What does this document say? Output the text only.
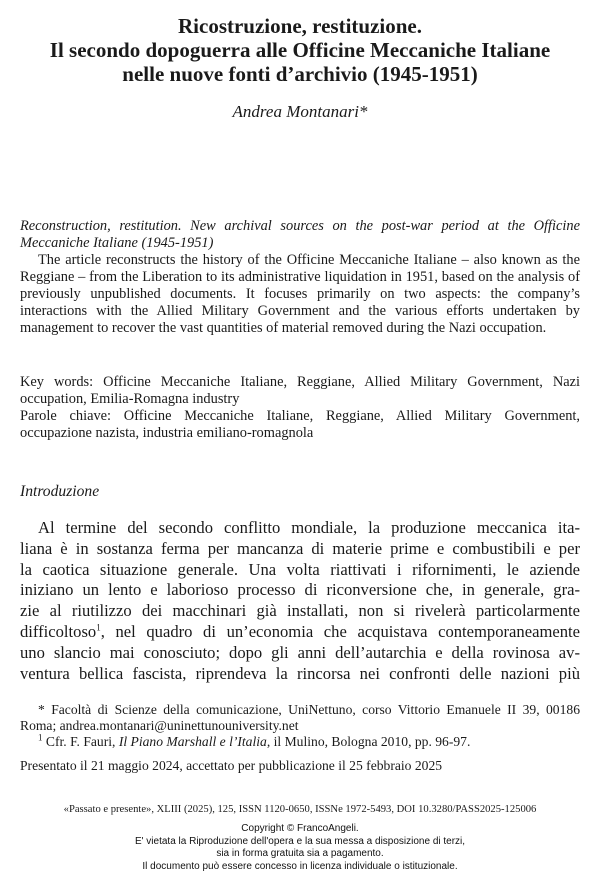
Ricostruzione, restituzione.
Il secondo dopoguerra alle Officine Meccaniche Italiane
nelle nuove fonti d’archivio (1945-1951)
Andrea Montanari*
Reconstruction, restitution. New archival sources on the post-war period at the Officine Meccaniche Italiane (1945-1951)
The article reconstructs the history of the Officine Meccaniche Italiane – also known as the Reggiane – from the Liberation to its administrative liquidation in 1951, based on the analysis of previously unpublished documents. It focuses primarily on two aspects: the company’s interactions with the Allied Military Government and the various efforts undertaken by management to recover the vast quantities of material removed during the Nazi occupation.

Key words: Officine Meccaniche Italiane, Reggiane, Allied Military Government, Nazi occupation, Emilia-Romagna industry

Parole chiave: Officine Meccaniche Italiane, Reggiane, Allied Military Government, occupazione nazista, industria emiliano-romagnola

Introduzione
Al termine del secondo conflitto mondiale, la produzione meccanica ita-
liana è in sostanza ferma per mancanza di materie prime e combustibili e per
la caotica situazione generale. Una volta riattivati i rifornimenti, le aziende
iniziano un lento e laborioso processo di riconversione che, in generale, gra-
zie al riutilizzo dei macchinari già installati, non si rivelerà particolarmente
difficoltoso$^1$, nel quadro di un’economia che acquistava contemporaneamente
uno slancio mai conosciuto; dopo gli anni dell’autarchia e della rovinosa av-
ventura bellica fascista, riprendeva la rincorsa nei confronti delle nazioni più
* Facoltà di Scienze della comunicazione, UniNettuno, corso Vittorio Emanuele II 39, 00186 Roma; andrea.montanari@uninettunouniversity.net
$^1$ Cfr. F. Fauri, Il Piano Marshall e l’Italia, il Mulino, Bologna 2010, pp. 96-97.
Presentato il 21 maggio 2024, accettato per pubblicazione il 25 febbraio 2025
«Passato e presente», XLIII (2025), 125, ISSN 1120-0650, ISSNe 1972-5493, DOI 10.3280/PASS2025-125006
Copyright © FrancoAngeli.
E' vietata la Riproduzione dell'opera e la sua messa a disposizione di terzi,
sia in forma gratuita sia a pagamento.
Il documento può essere concesso in licenza individuale o istituzionale.
